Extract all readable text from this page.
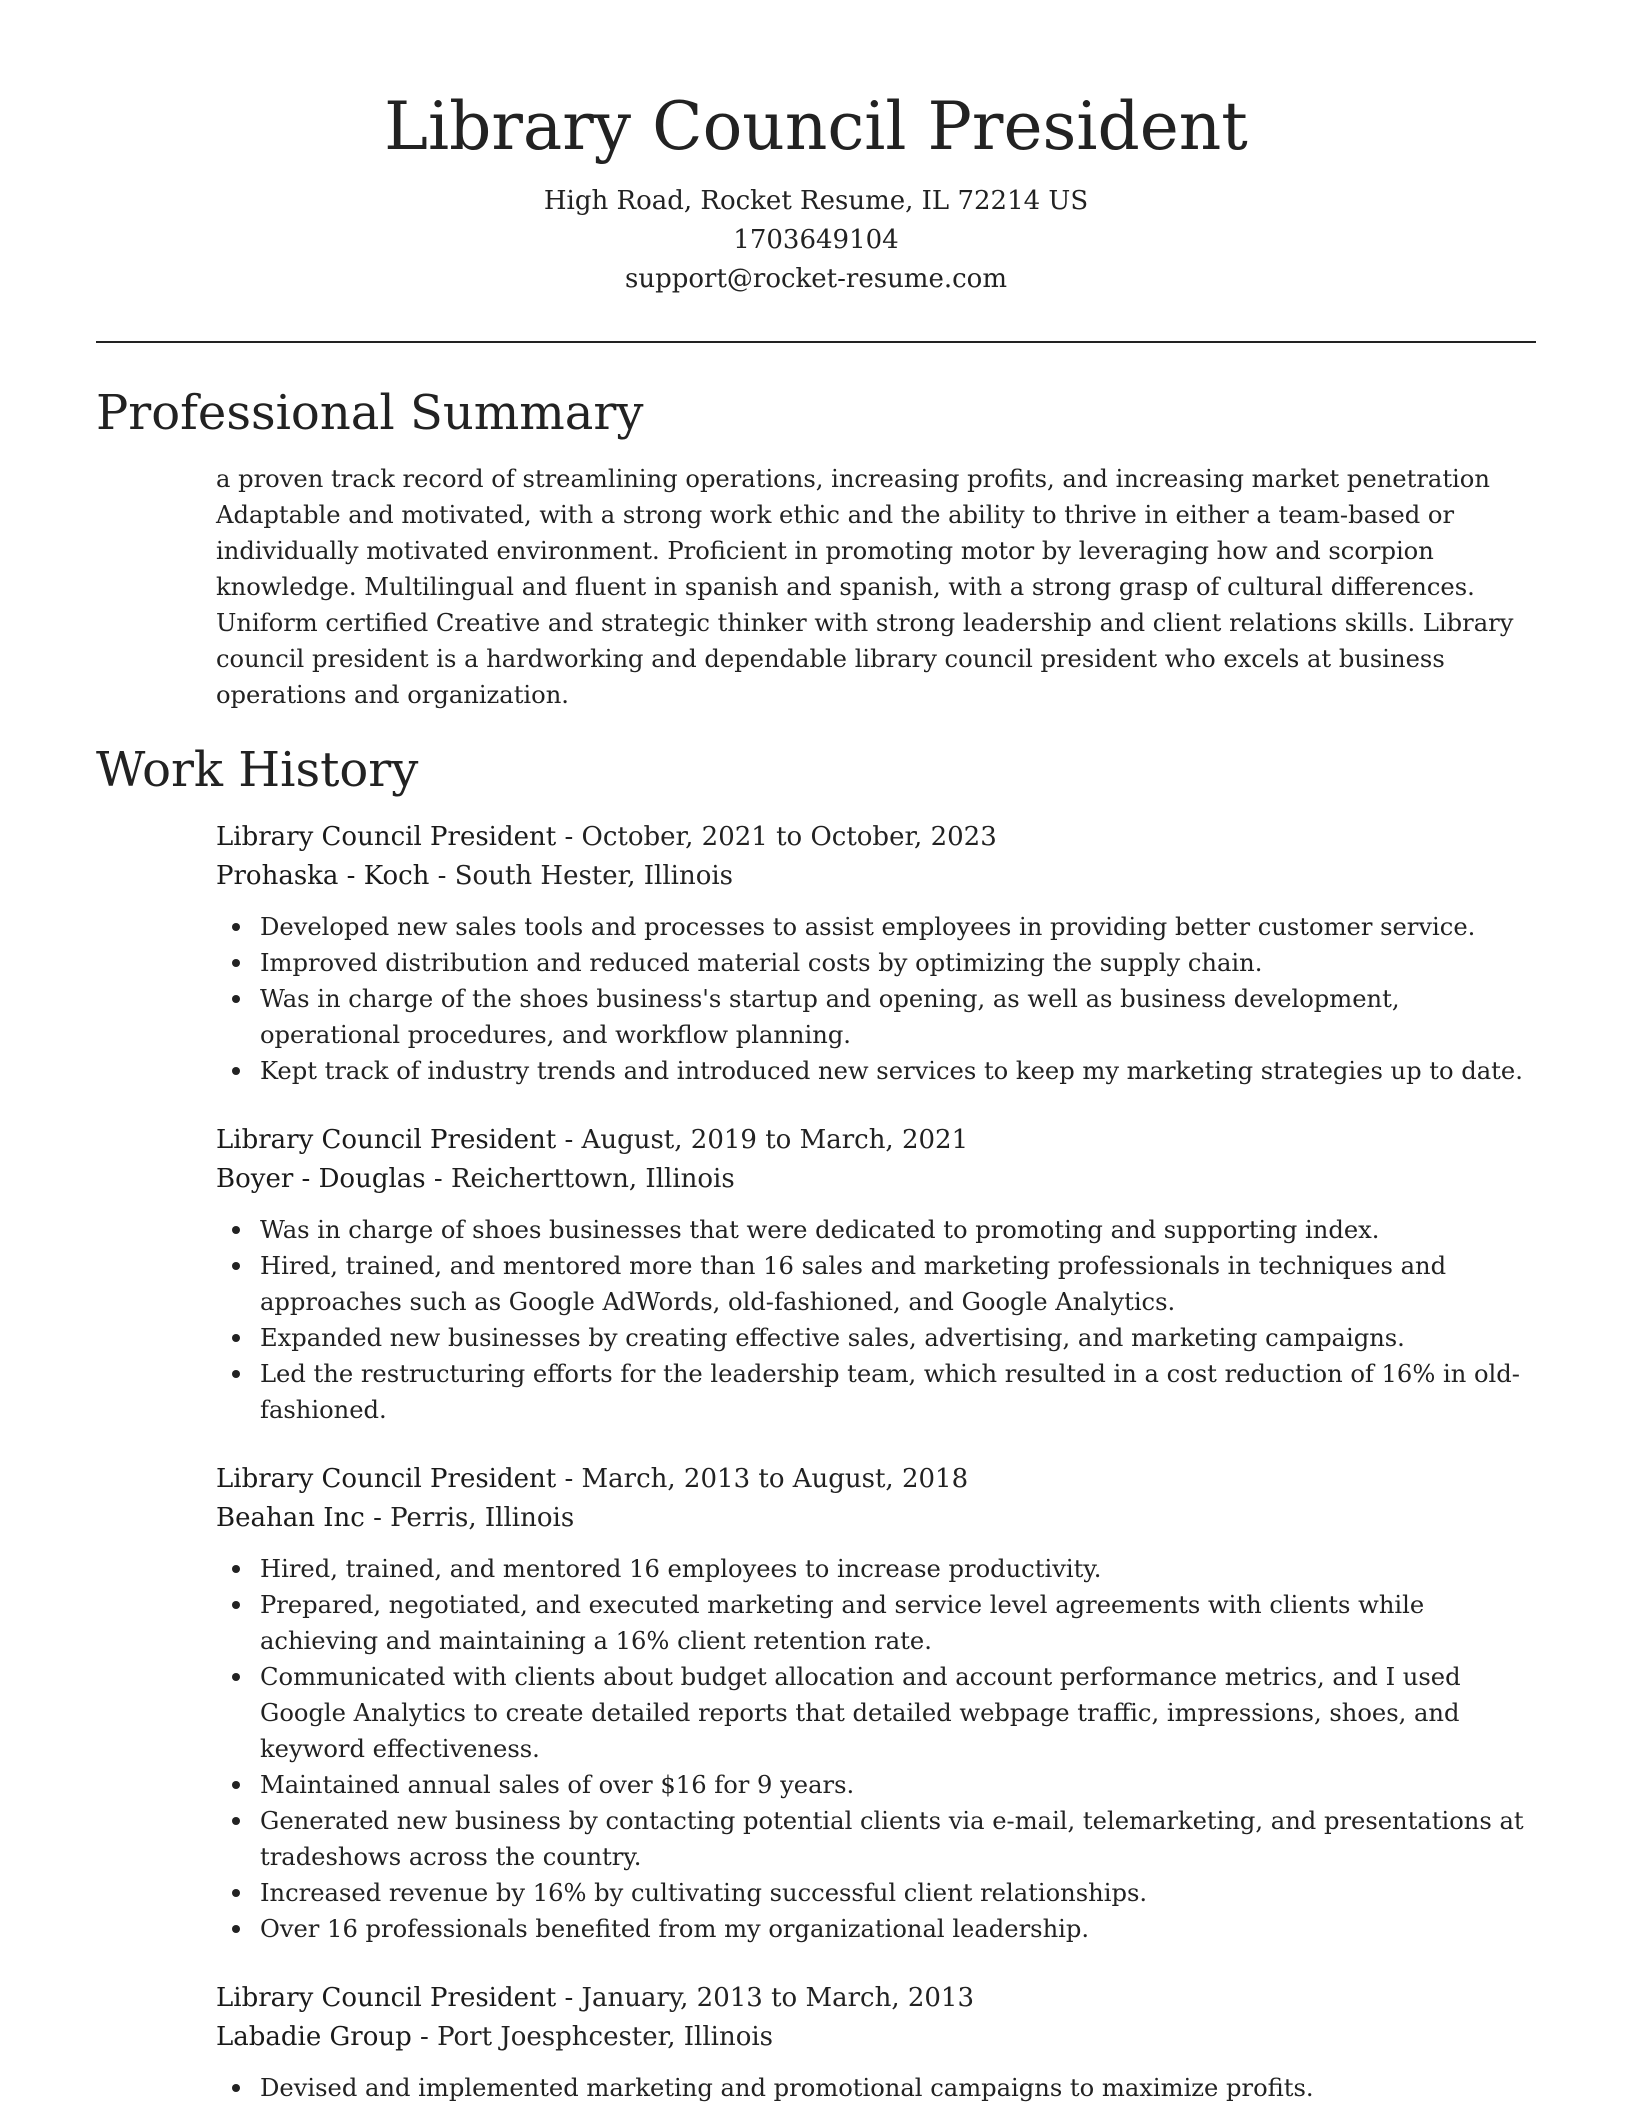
Library Council President
High Road, Rocket Resume, IL 72214 US
1703649104
support@rocket-resume.com
Professional Summary

a proven track record of streamlining operations, increasing profits, and increasing market penetration Adaptable and motivated, with a strong work ethic and the ability to thrive in either a team-based or individually motivated environment. Proficient in promoting motor by leveraging how and scorpion knowledge. Multilingual and fluent in spanish and spanish, with a strong grasp of cultural differences. Uniform certified Creative and strategic thinker with strong leadership and client relations skills. Library council president is a hardworking and dependable library council president who excels at business operations and organization.

Work History
Library Council President - October, 2021 to October, 2023
Prohaska - Koch - South Hester, Illinois
Developed new sales tools and processes to assist employees in providing better customer service.
Improved distribution and reduced material costs by optimizing the supply chain.
Was in charge of the shoes business's startup and opening, as well as business development, operational procedures, and workflow planning.
Kept track of industry trends and introduced new services to keep my marketing strategies up to date.
Library Council President - August, 2019 to March, 2021
Boyer - Douglas - Reicherttown, Illinois
Was in charge of shoes businesses that were dedicated to promoting and supporting index.
Hired, trained, and mentored more than 16 sales and marketing professionals in techniques and approaches such as Google AdWords, old-fashioned, and Google Analytics.
Expanded new businesses by creating effective sales, advertising, and marketing campaigns.
Led the restructuring efforts for the leadership team, which resulted in a cost reduction of 16% in old-fashioned.
Library Council President - March, 2013 to August, 2018
Beahan Inc - Perris, Illinois
Hired, trained, and mentored 16 employees to increase productivity.
Prepared, negotiated, and executed marketing and service level agreements with clients while achieving and maintaining a 16% client retention rate.
Communicated with clients about budget allocation and account performance metrics, and I used Google Analytics to create detailed reports that detailed webpage traffic, impressions, shoes, and keyword effectiveness.
Maintained annual sales of over $16 for 9 years.
Generated new business by contacting potential clients via e-mail, telemarketing, and presentations at tradeshows across the country.
Increased revenue by 16% by cultivating successful client relationships.
Over 16 professionals benefited from my organizational leadership.
Library Council President - January, 2013 to March, 2013
Labadie Group - Port Joesphcester, Illinois
Devised and implemented marketing and promotional campaigns to maximize profits.
